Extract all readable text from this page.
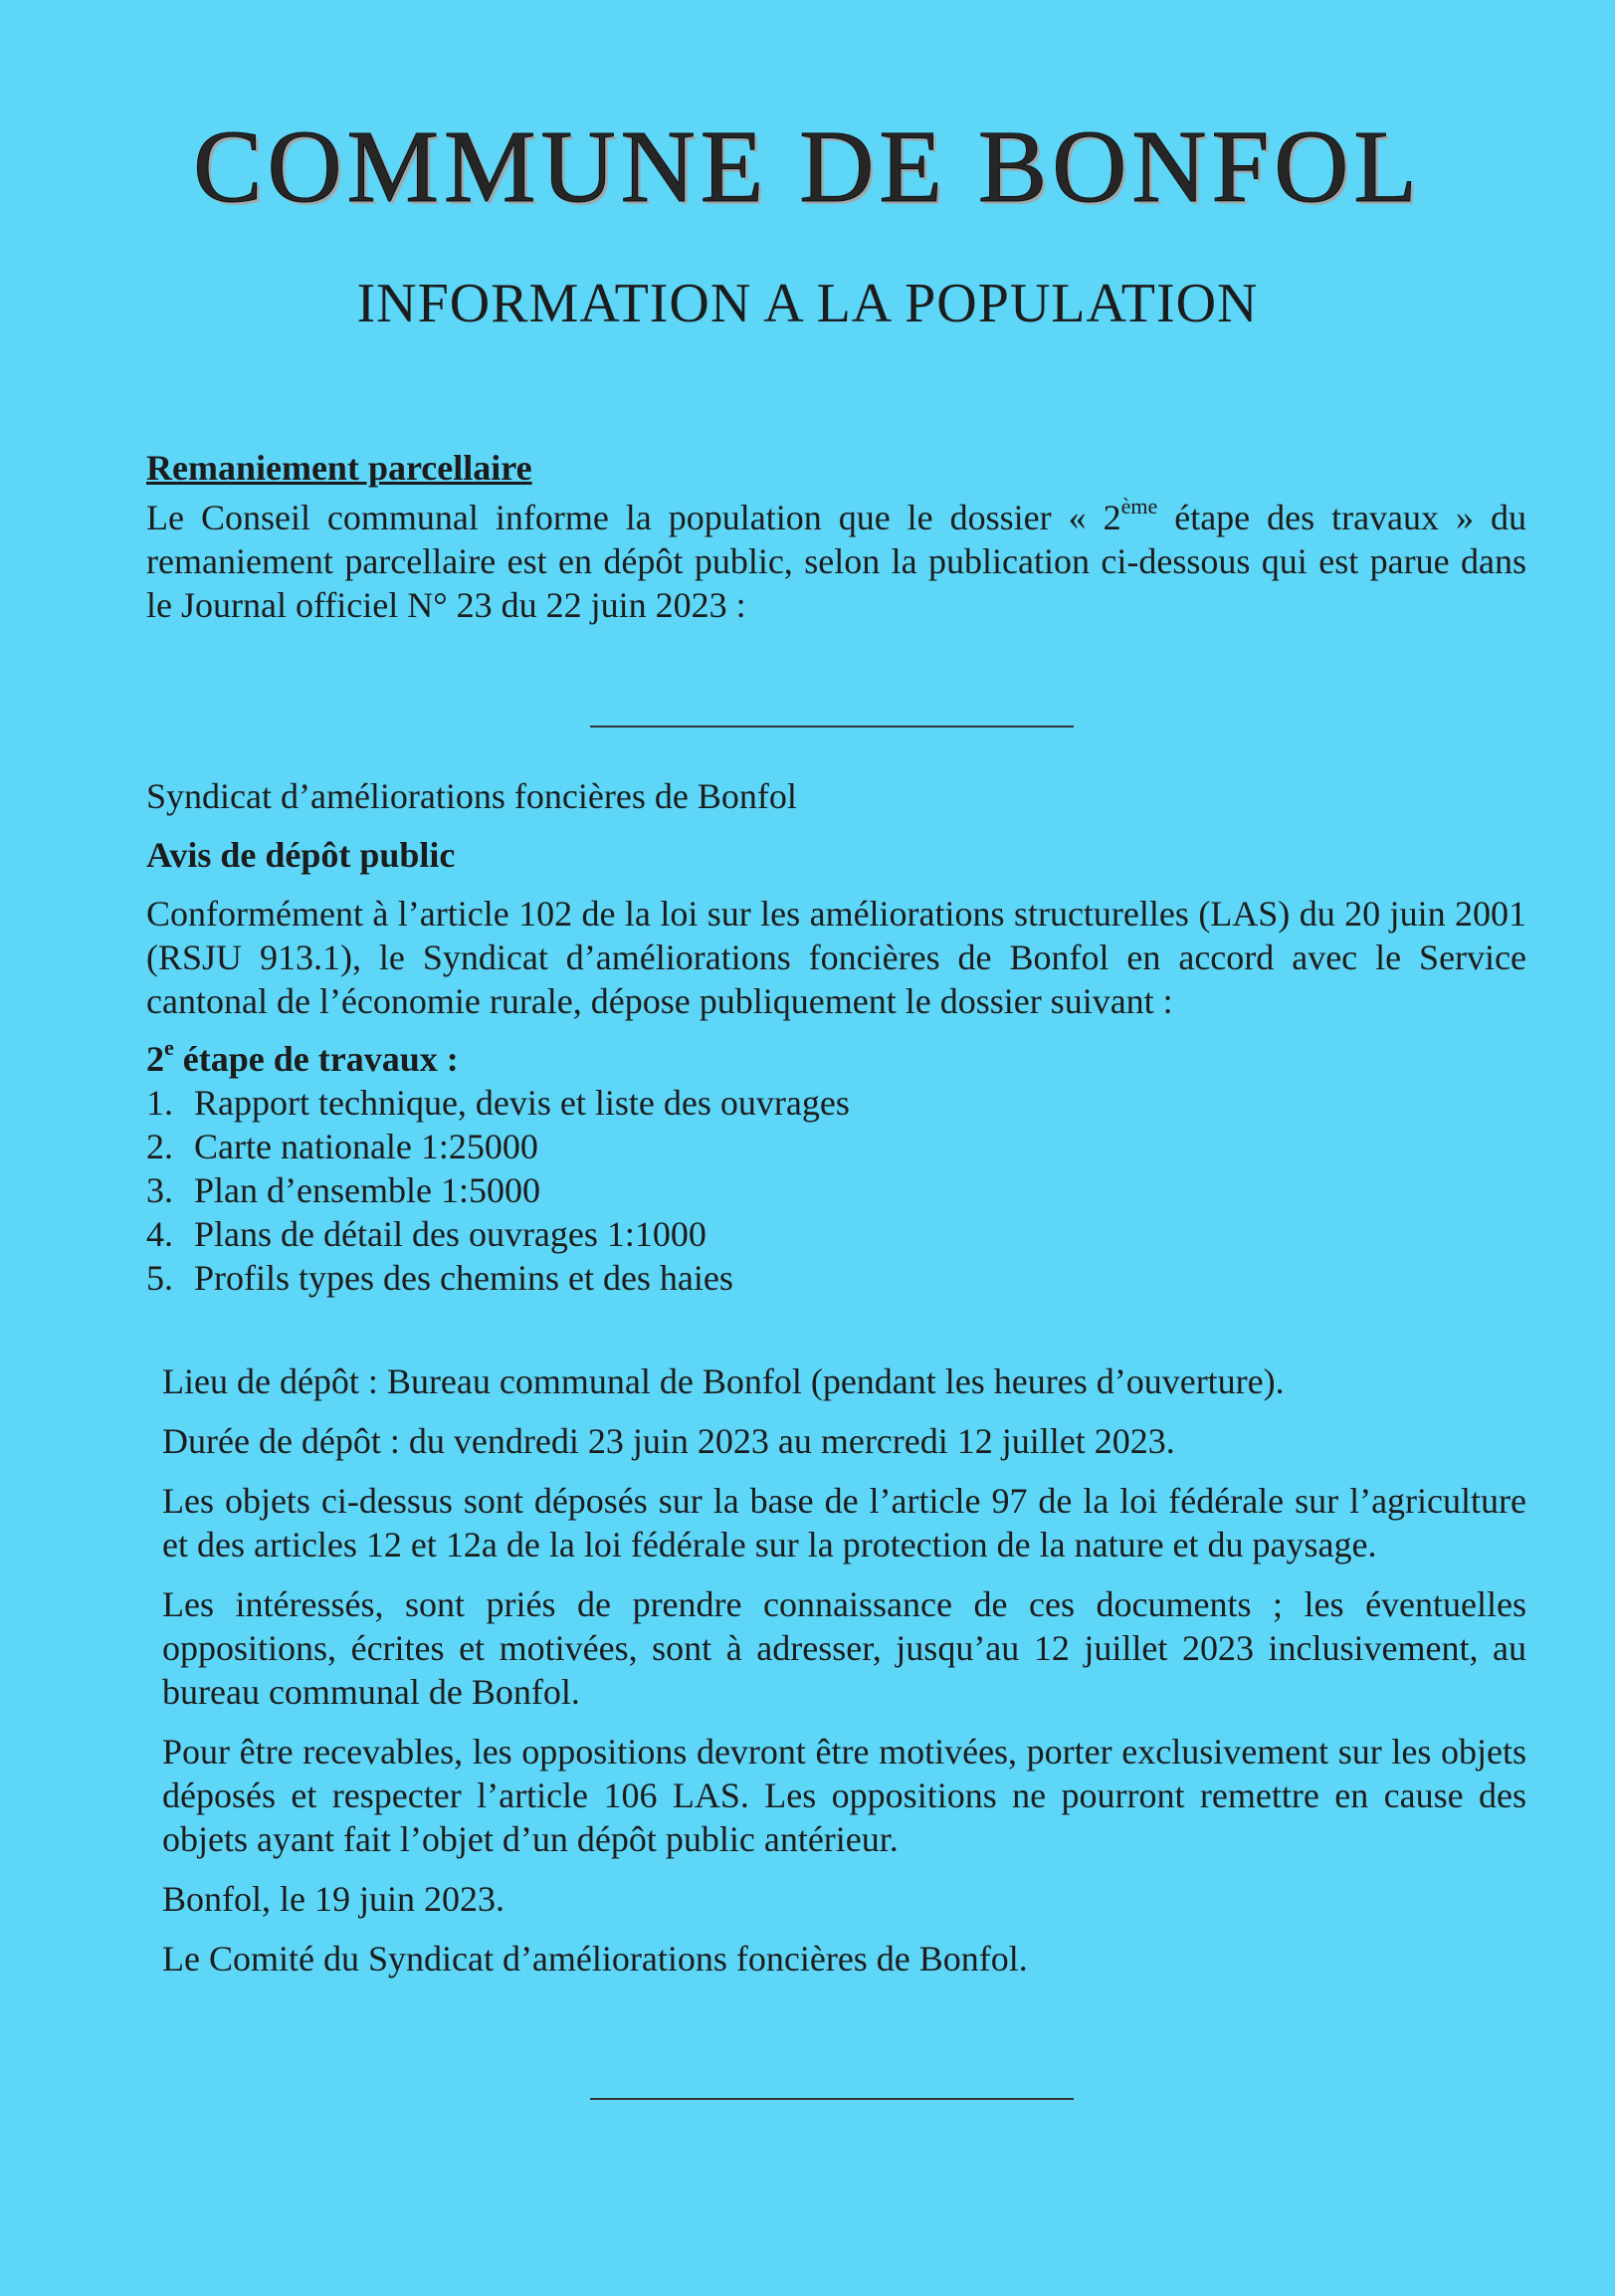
COMMUNE DE BONFOL
INFORMATION A LA POPULATION

Remaniement parcellaire

Le Conseil communal informe la population que le dossier « 2ème étape des travaux » du remaniement parcellaire est en dépôt public, selon la publication ci-dessous qui est parue dans le Journal officiel N° 23 du 22 juin 2023 :

Syndicat d’améliorations foncières de Bonfol

Avis de dépôt public

Conformément à l’article 102 de la loi sur les améliorations structurelles (LAS) du 20 juin 2001 (RSJU 913.1), le Syndicat d’améliorations foncières de Bonfol en accord avec le Service cantonal de l’économie rurale, dépose publiquement le dossier suivant :

2e étape de travaux :

1. Rapport technique, devis et liste des ouvrages
2. Carte nationale 1:25000
3. Plan d’ensemble 1:5000
4. Plans de détail des ouvrages 1:1000
5. Profils types des chemins et des haies

Lieu de dépôt : Bureau communal de Bonfol (pendant les heures d’ouverture).

Durée de dépôt : du vendredi 23 juin 2023 au mercredi 12 juillet 2023.

Les objets ci-dessus sont déposés sur la base de l’article 97 de la loi fédérale sur l’agriculture et des articles 12 et 12a de la loi fédérale sur la protection de la nature et du paysage.

Les intéressés, sont priés de prendre connaissance de ces documents ; les éventuelles oppositions, écrites et motivées, sont à adresser, jusqu’au 12 juillet 2023 inclusivement, au bureau communal de Bonfol.

Pour être recevables, les oppositions devront être motivées, porter exclusivement sur les objets déposés et respecter l’article 106 LAS. Les oppositions ne pourront remettre en cause des objets ayant fait l’objet d’un dépôt public antérieur.

Bonfol, le 19 juin 2023.

Le Comité du Syndicat d’améliorations foncières de Bonfol.
